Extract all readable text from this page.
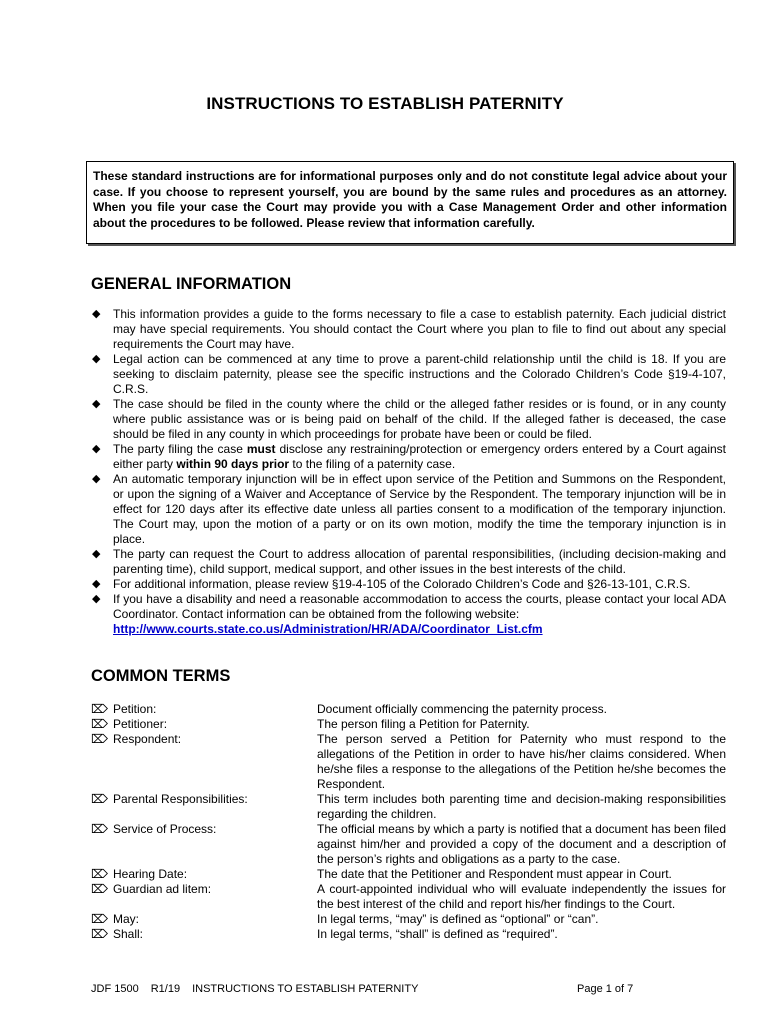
INSTRUCTIONS TO ESTABLISH PATERNITY
These standard instructions are for informational purposes only and do not constitute legal advice about your case. If you choose to represent yourself, you are bound by the same rules and procedures as an attorney. When you file your case the Court may provide you with a Case Management Order and other information about the procedures to be followed. Please review that information carefully.
GENERAL INFORMATION
◆ This information provides a guide to the forms necessary to file a case to establish paternity. Each judicial district may have special requirements. You should contact the Court where you plan to file to find out about any special requirements the Court may have.
◆ Legal action can be commenced at any time to prove a parent-child relationship until the child is 18. If you are seeking to disclaim paternity, please see the specific instructions and the Colorado Children’s Code §19-4-107, C.R.S.
◆ The case should be filed in the county where the child or the alleged father resides or is found, or in any county where public assistance was or is being paid on behalf of the child. If the alleged father is deceased, the case should be filed in any county in which proceedings for probate have been or could be filed.
◆ The party filing the case must disclose any restraining/protection or emergency orders entered by a Court against either party within 90 days prior to the filing of a paternity case.
◆ An automatic temporary injunction will be in effect upon service of the Petition and Summons on the Respondent, or upon the signing of a Waiver and Acceptance of Service by the Respondent. The temporary injunction will be in effect for 120 days after its effective date unless all parties consent to a modification of the temporary injunction. The Court may, upon the motion of a party or on its own motion, modify the time the temporary injunction is in place.
◆ The party can request the Court to address allocation of parental responsibilities, (including decision-making and parenting time), child support, medical support, and other issues in the best interests of the child.
◆ For additional information, please review §19-4-105 of the Colorado Children’s Code and §26-13-101, C.R.S.
◆ If you have a disability and need a reasonable accommodation to access the courts, please contact your local ADA Coordinator. Contact information can be obtained from the following website:
http://www.courts.state.co.us/Administration/HR/ADA/Coordinator_List.cfm
COMMON TERMS
⌦ Petition:	Document officially commencing the paternity process.
⌦ Petitioner:	The person filing a Petition for Paternity.
⌦ Respondent:	The person served a Petition for Paternity who must respond to the allegations of the Petition in order to have his/her claims considered. When he/she files a response to the allegations of the Petition he/she becomes the Respondent.
⌦ Parental Responsibilities:	This term includes both parenting time and decision-making responsibilities regarding the children.
⌦ Service of Process:	The official means by which a party is notified that a document has been filed against him/her and provided a copy of the document and a description of the person’s rights and obligations as a party to the case.
⌦ Hearing Date:	The date that the Petitioner and Respondent must appear in Court.
⌦ Guardian ad litem:	A court-appointed individual who will evaluate independently the issues for the best interest of the child and report his/her findings to the Court.
⌦ May:	In legal terms, “may” is defined as “optional” or “can”.
⌦ Shall:	In legal terms, “shall” is defined as “required”.
JDF 1500 R1/19 INSTRUCTIONS TO ESTABLISH PATERNITY	Page 1 of 7
